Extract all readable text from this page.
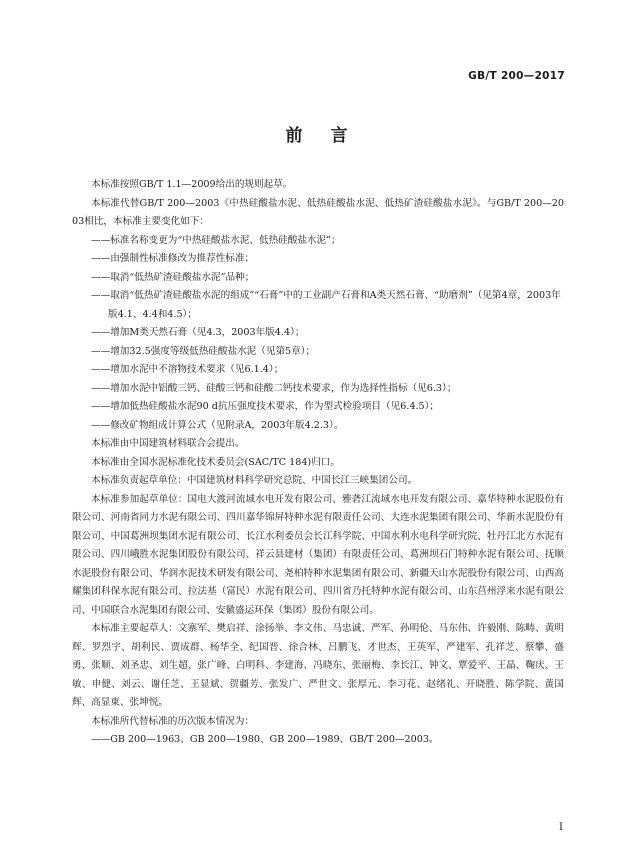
GB/T 200—2017
前言

本标准按照GB/T 1.1—2009给出的规则起草。

本标准代替GB/T 200—2003《中热硅酸盐水泥、低热硅酸盐水泥、低热矿渣硅酸盐水泥》。与GB/T 200—2003相比，本标准主要变化如下：

——标准名称变更为“中热硅酸盐水泥、低热硅酸盐水泥”；

——由强制性标准修改为推荐性标准；

——取消“低热矿渣硅酸盐水泥”品种；

——取消“低热矿渣硅酸盐水泥的组成”“石膏”中的工业副产石膏和A类天然石膏、“助磨剂”（见第4章，2003年版4.1、4.4和4.5）；

——增加M类天然石膏（见4.3，2003年版4.4）；

——增加32.5强度等级低热硅酸盐水泥（见第5章）；

——增加水泥中不溶物技术要求（见6.1.4）；

——增加水泥中铝酸三钙、硅酸三钙和硅酸二钙技术要求，作为选择性指标（见6.3）；

——增加低热硅酸盐水泥90 d抗压强度技术要求，作为型式检验项目（见6.4.5）；

——修改矿物组成计算公式（见附录A，2003年版4.2.3）。

本标准由中国建筑材料联合会提出。

本标准由全国水泥标准化技术委员会(SAC/TC 184)归口。

本标准负责起草单位：中国建筑材料科学研究总院、中国长江三峡集团公司。

本标准参加起草单位：国电大渡河流域水电开发有限公司、雅砻江流域水电开发有限公司、嘉华特种水泥股份有限公司、河南省同力水泥有限公司、四川嘉华锦屏特种水泥有限责任公司、大连水泥集团有限公司、华新水泥股份有限公司、中国葛洲坝集团水泥有限公司、长江水利委员会长江科学院、中国水利水电科学研究院、牡丹江北方水泥有限公司、四川峨胜水泥集团股份有限公司、祥云县建材（集团）有限责任公司、葛洲坝石门特种水泥有限公司、抚顺水泥股份有限公司、华润水泥技术研发有限公司、尧柏特种水泥集团有限公司、新疆天山水泥股份有限公司、山西高耀集团科保水泥有限公司、拉法基（富民）水泥有限公司、四川省乃托特种水泥有限公司、山东莒州浮来水泥有限公司、中国联合水泥集团有限公司、安徽盛运环保（集团）股份有限公司。

本标准主要起草人：文寨军、樊启祥、涂扬举、李文伟、马忠诚、严军、孙明伦、马东伟、许毅刚、陈畴、黄明辉、罗烈宇、胡利民、贾成群、杨华全、纪国晋、徐合林、吕鹏飞、才世杰、王英军、严建军、孔祥芝、蔡攀、盛勇、张顺、刘圣忠、刘生超、张广峰、白明科、李建海、冯晓东、张丽梅、李长江、钟文、覃爱平、王晶、鞠庆、王敏、申健、刘云、谢任芝、王显斌、贺疆芳、张发广、严世文、张厚元、李习花、赵绪礼、开晓胜、陈学院、黄国辉、高显東、张坤悦。

本标准所代替标准的历次版本情况为：

——GB 200—1963、GB 200—1980、GB 200—1989、GB/T 200—2003。

I
